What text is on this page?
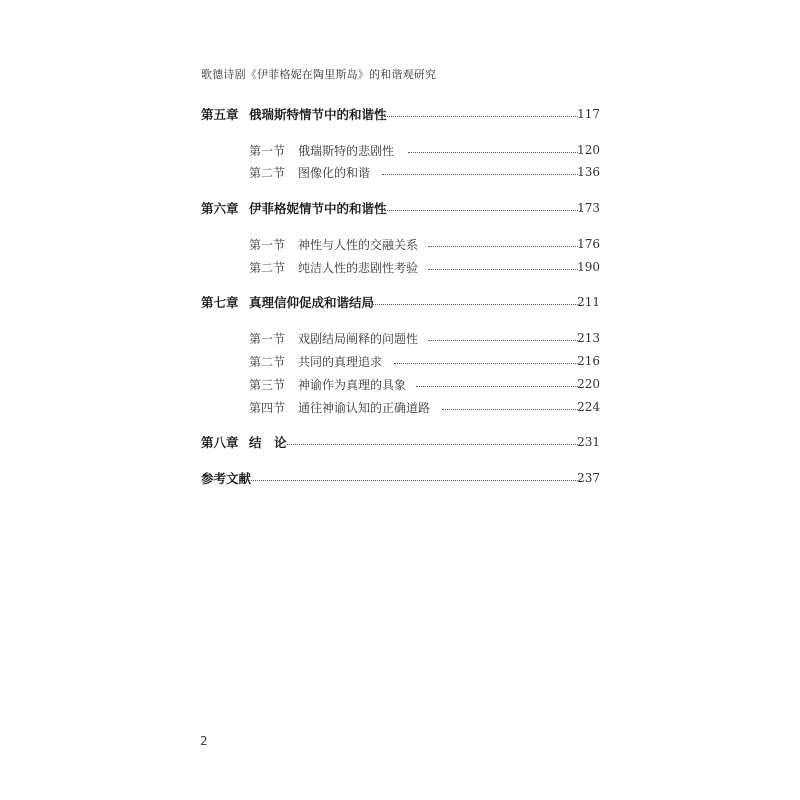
歌德诗剧《伊菲格妮在陶里斯岛》的和谐观研究
第五章 俄瑞斯特情节中的和谐性	117
第一节 俄瑞斯特的悲剧性	120
第二节 图像化的和谐	136
第六章 伊菲格妮情节中的和谐性	173
第一节 神性与人性的交融关系	176
第二节 纯洁人性的悲剧性考验	190
第七章 真理信仰促成和谐结局	211
第一节 戏剧结局阐释的问题性	213
第二节 共同的真理追求	216
第三节 神谕作为真理的具象	220
第四节 通往神谕认知的正确道路	224
第八章 结　论	231
参考文献	237
2
